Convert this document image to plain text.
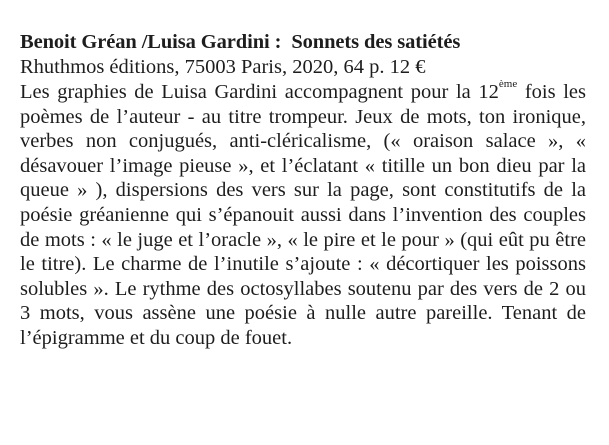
Benoit Gréan /Luisa Gardini : Sonnets des satiétés
Rhuthmos éditions, 75003 Paris, 2020, 64 p. 12 €

Les graphies de Luisa Gardini accompagnent pour la 12ème fois les poèmes de l’auteur - au titre trompeur. Jeux de mots, ton ironique, verbes non conjugués, anti-cléricalisme, (« oraison salace », « désavouer l’image pieuse », et l’éclatant « titille un bon dieu par la queue » ), dispersions des vers sur la page, sont constitutifs de la poésie gréanienne qui s’épanouit aussi dans l’invention des couples de mots : « le juge et l’oracle », « le pire et le pour » (qui eût pu être le titre). Le charme de l’inutile s’ajoute : « décortiquer les poissons solubles ». Le rythme des octosyllabes soutenu par des vers de 2 ou 3 mots, vous assène une poésie à nulle autre pareille. Tenant de l’épigramme et du coup de fouet.
